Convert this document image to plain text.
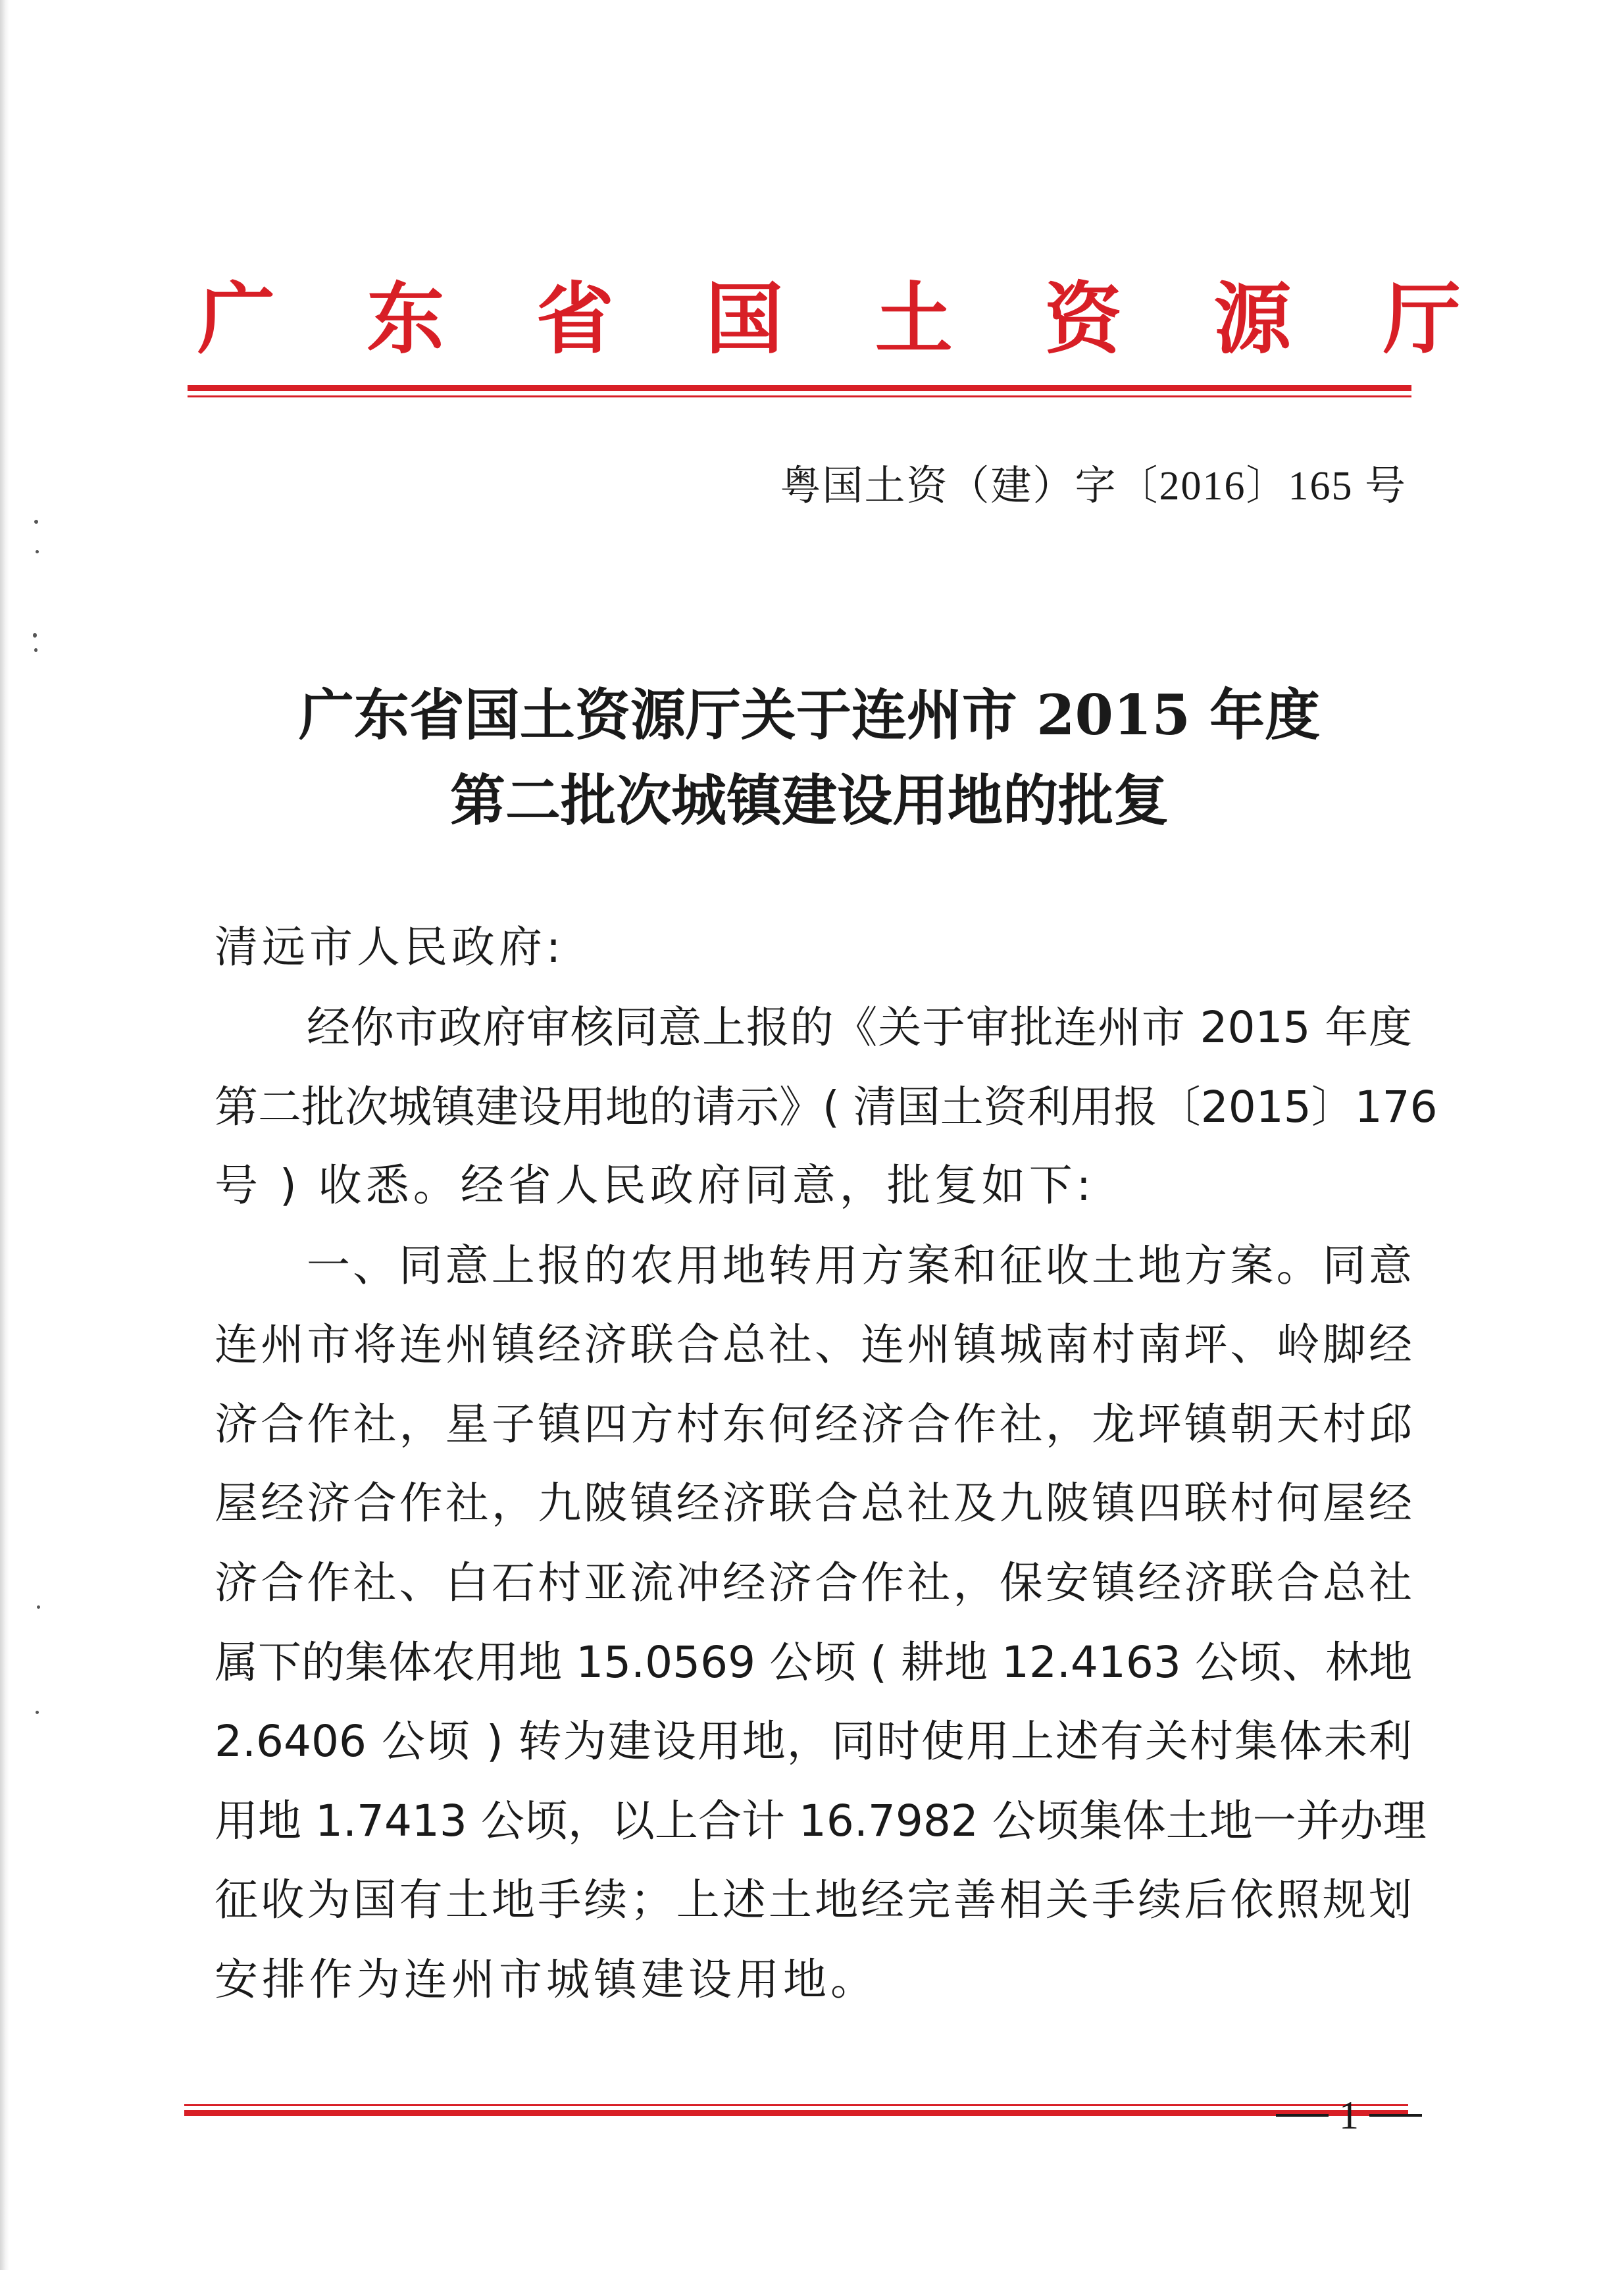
广 东 省 国 土 资 源 厅
粤国土资（建）字〔2016〕165 号
广东省国土资源厅关于连州市 2015 年度
第二批次城镇建设用地的批复
清远市人民政府:
经你市政府审核同意上报的《关于审批连州市 2015 年度
第二批次城镇建设用地的请示》( 清国土资利用报〔2015〕176
号 ) 收悉。经省人民政府同意，批复如下:
一、同意上报的农用地转用方案和征收土地方案。同意
连州市将连州镇经济联合总社、连州镇城南村南坪、岭脚经
济合作社，星子镇四方村东何经济合作社，龙坪镇朝天村邱
屋经济合作社，九陂镇经济联合总社及九陂镇四联村何屋经
济合作社、白石村亚流冲经济合作社，保安镇经济联合总社
属下的集体农用地 15.0569 公顷 ( 耕地 12.4163 公顷、林地
2.6406 公顷 ) 转为建设用地，同时使用上述有关村集体未利
用地 1.7413 公顷，以上合计 16.7982 公顷集体土地一并办理
征收为国有土地手续；上述土地经完善相关手续后依照规划
安排作为连州市城镇建设用地。
1
